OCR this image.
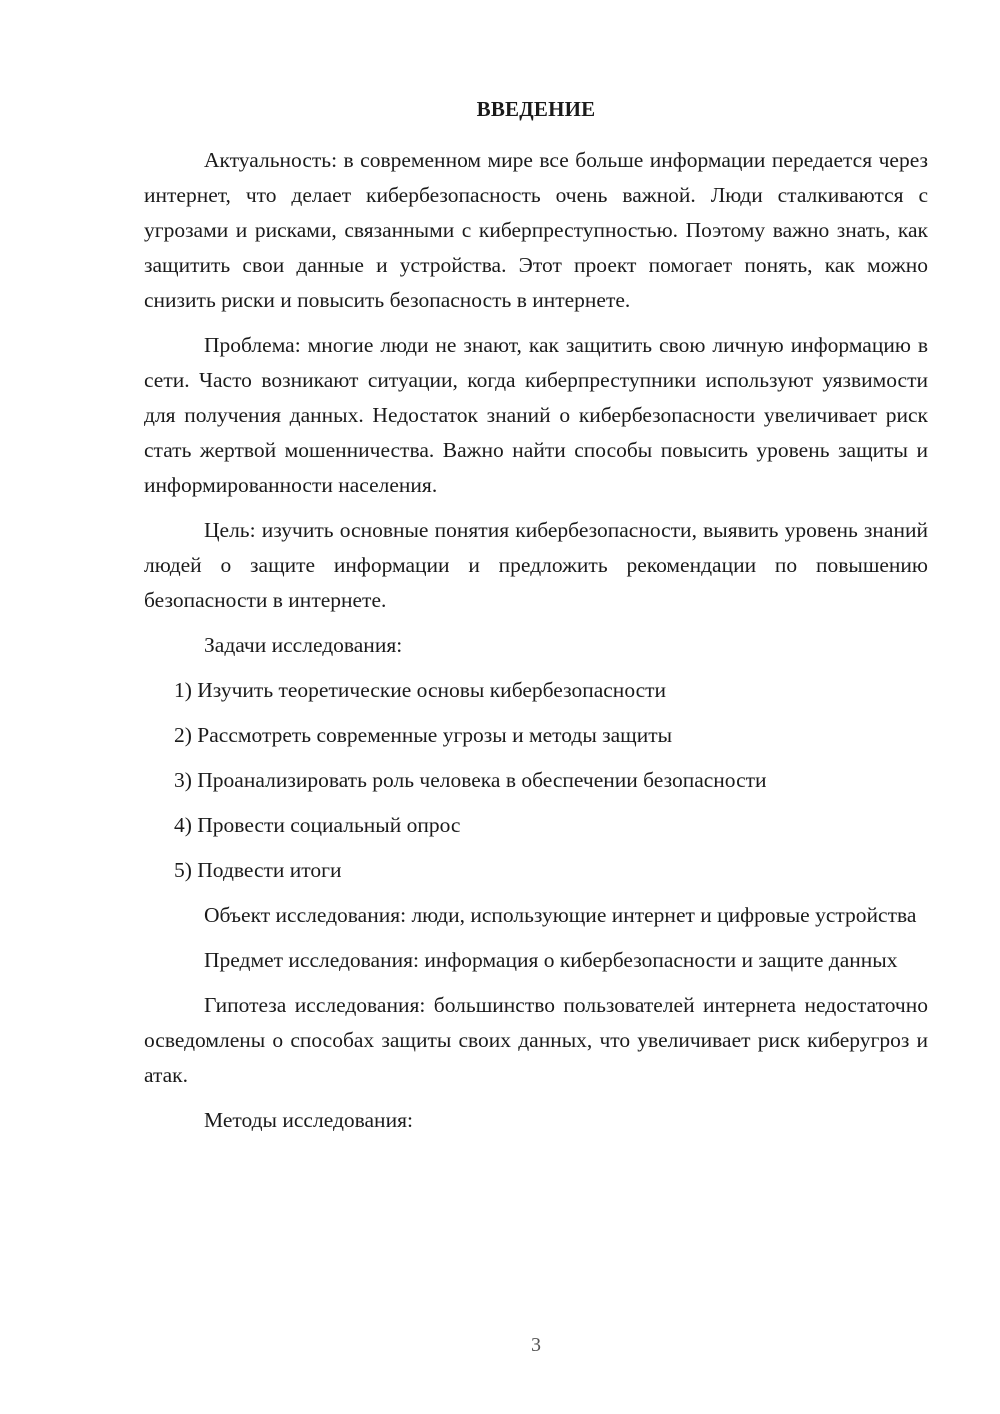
ВВЕДЕНИЕ

Актуальность: в современном мире все больше информации передается через интернет, что делает кибербезопасность очень важной. Люди сталкиваются с угрозами и рисками, связанными с киберпреступностью. Поэтому важно знать, как защитить свои данные и устройства. Этот проект помогает понять, как можно снизить риски и повысить безопасность в интернете.

Проблема: многие люди не знают, как защитить свою личную информацию в сети. Часто возникают ситуации, когда киберпреступники используют уязвимости для получения данных. Недостаток знаний о кибербезопасности увеличивает риск стать жертвой мошенничества. Важно найти способы повысить уровень защиты и информированности населения.

Цель: изучить основные понятия кибербезопасности, выявить уровень знаний людей о защите информации и предложить рекомендации по повышению безопасности в интернете.

Задачи исследования:

1) Изучить теоретические основы кибербезопасности
2) Рассмотреть современные угрозы и методы защиты
3) Проанализировать роль человека в обеспечении безопасности
4) Провести социальный опрос
5) Подвести итоги

Объект исследования: люди, использующие интернет и цифровые устройства

Предмет исследования: информация о кибербезопасности и защите данных

Гипотеза исследования: большинство пользователей интернета недостаточно осведомлены о способах защиты своих данных, что увеличивает риск киберугроз и атак.

Методы исследования:

3
